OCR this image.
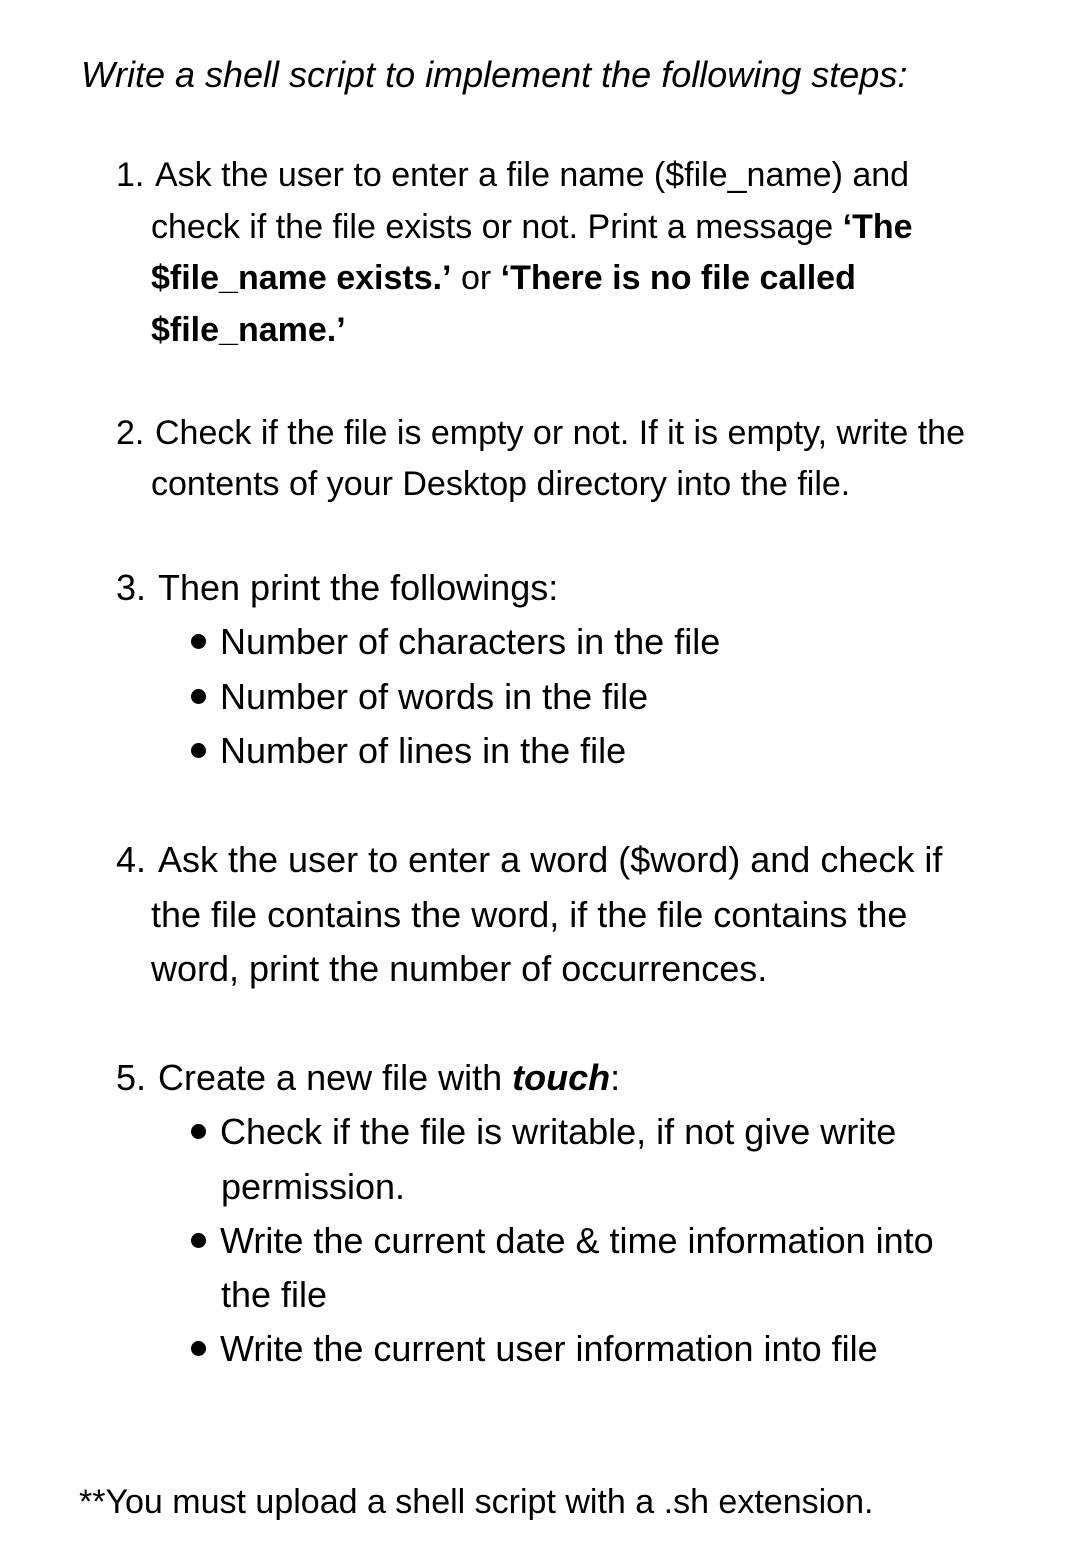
Write a shell script to implement the following steps:
1. Ask the user to enter a file name ($file_name) and
check if the file exists or not. Print a message ‘The
$file_name exists.’ or ‘There is no file called
$file_name.’
2. Check if the file is empty or not. If it is empty, write the
contents of your Desktop directory into the file.
3. Then print the followings:
Number of characters in the file
Number of words in the file
Number of lines in the file
4. Ask the user to enter a word ($word) and check if
the file contains the word, if the file contains the
word, print the number of occurrences.
5. Create a new file with touch:
Check if the file is writable, if not give write
permission.
Write the current date & time information into
the file
Write the current user information into file
**You must upload a shell script with a .sh extension.
